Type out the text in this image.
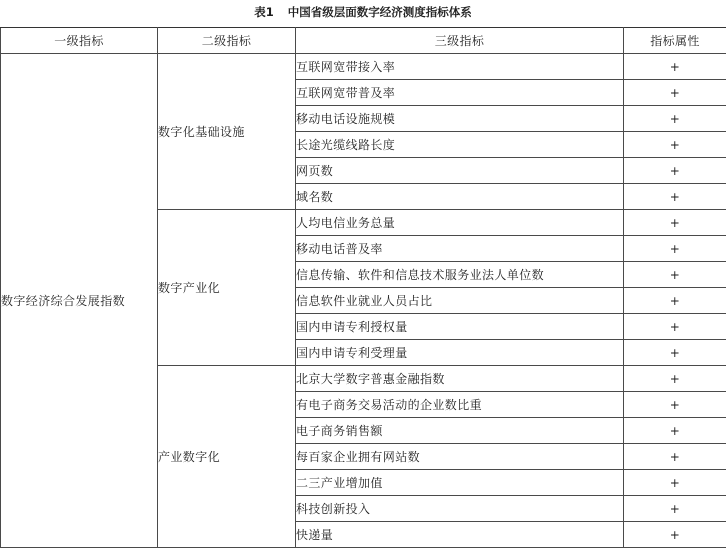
表1 中国省级层面数字经济测度指标体系
一级指标	二级指标	三级指标	指标属性
数字经济综合发展指数	数字化基础设施	互联网宽带接入率	+
		互联网宽带普及率	+
		移动电话设施规模	+
		长途光缆线路长度	+
		网页数	+
		域名数	+
	数字产业化	人均电信业务总量	+
		移动电话普及率	+
		信息传输、软件和信息技术服务业法人单位数	+
		信息软件业就业人员占比	+
		国内申请专利授权量	+
		国内申请专利受理量	+
	产业数字化	北京大学数字普惠金融指数	+
		有电子商务交易活动的企业数比重	+
		电子商务销售额	+
		每百家企业拥有网站数	+
		二三产业增加值	+
		科技创新投入	+
		快递量	+
